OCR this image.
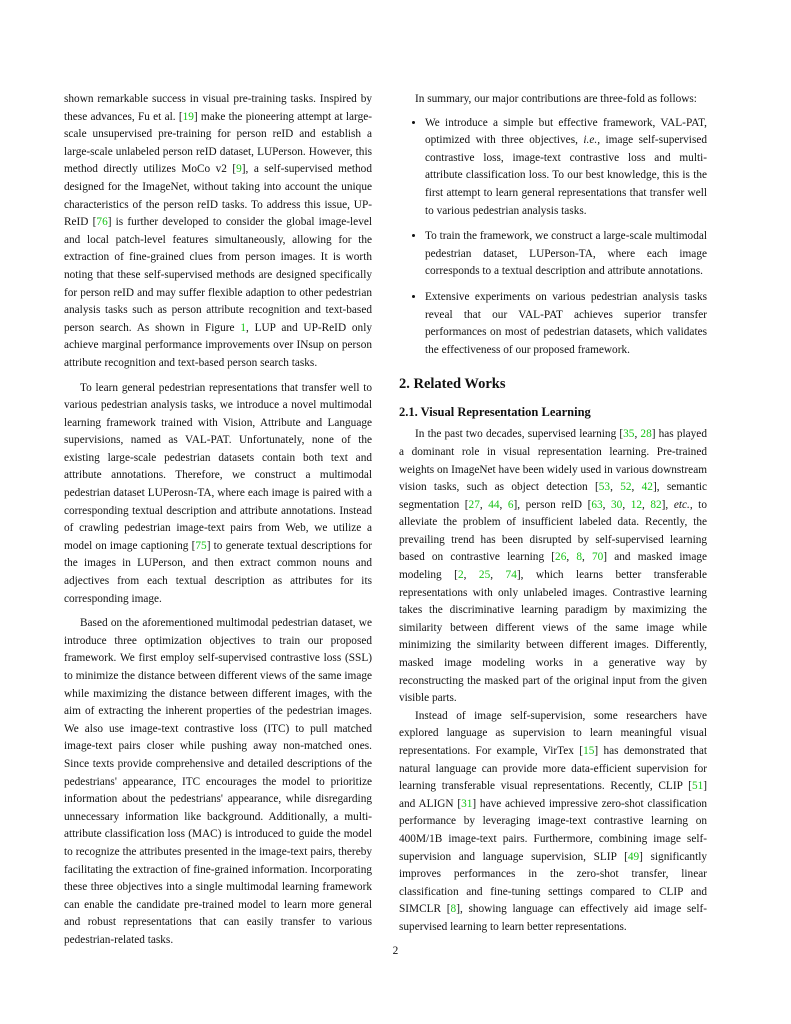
shown remarkable success in visual pre-training tasks. Inspired by these advances, Fu et al. [19] make the pioneering attempt at large-scale unsupervised pre-training for person reID and establish a large-scale unlabeled person reID dataset, LUPerson. However, this method directly utilizes MoCo v2 [9], a self-supervised method designed for the ImageNet, without taking into account the unique characteristics of the person reID tasks. To address this issue, UP-ReID [76] is further developed to consider the global image-level and local patch-level features simultaneously, allowing for the extraction of fine-grained clues from person images. It is worth noting that these self-supervised methods are designed specifically for person reID and may suffer flexible adaption to other pedestrian analysis tasks such as person attribute recognition and text-based person search. As shown in Figure 1, LUP and UP-ReID only achieve marginal performance improvements over INsup on person attribute recognition and text-based person search tasks.

To learn general pedestrian representations that transfer well to various pedestrian analysis tasks, we introduce a novel multimodal learning framework trained with Vision, Attribute and Language supervisions, named as VAL-PAT. Unfortunately, none of the existing large-scale pedestrian datasets contain both text and attribute annotations. Therefore, we construct a multimodal pedestrian dataset LUPerosn-TA, where each image is paired with a corresponding textual description and attribute annotations. Instead of crawling pedestrian image-text pairs from Web, we utilize a model on image captioning [75] to generate textual descriptions for the images in LUPerson, and then extract common nouns and adjectives from each textual description as attributes for its corresponding image.

Based on the aforementioned multimodal pedestrian dataset, we introduce three optimization objectives to train our proposed framework. We first employ self-supervised contrastive loss (SSL) to minimize the distance between different views of the same image while maximizing the distance between different images, with the aim of extracting the inherent properties of the pedestrian images. We also use image-text contrastive loss (ITC) to pull matched image-text pairs closer while pushing away non-matched ones. Since texts provide comprehensive and detailed descriptions of the pedestrians' appearance, ITC encourages the model to prioritize information about the pedestrians' appearance, while disregarding unnecessary information like background. Additionally, a multi-attribute classification loss (MAC) is introduced to guide the model to recognize the attributes presented in the image-text pairs, thereby facilitating the extraction of fine-grained information. Incorporating these three objectives into a single multimodal learning framework can enable the candidate pre-trained model to learn more general and robust representations that can easily transfer to various pedestrian-related tasks.

In summary, our major contributions are three-fold as follows:

• We introduce a simple but effective framework, VAL-PAT, optimized with three objectives, i.e., image self-supervised contrastive loss, image-text contrastive loss and multi-attribute classification loss. To our best knowledge, this is the first attempt to learn general representations that transfer well to various pedestrian analysis tasks.
• To train the framework, we construct a large-scale multimodal pedestrian dataset, LUPerson-TA, where each image corresponds to a textual description and attribute annotations.
• Extensive experiments on various pedestrian analysis tasks reveal that our VAL-PAT achieves superior transfer performances on most of pedestrian datasets, which validates the effectiveness of our proposed framework.
2. Related Works
2.1. Visual Representation Learning

In the past two decades, supervised learning [35, 28] has played a dominant role in visual representation learning. Pre-trained weights on ImageNet have been widely used in various downstream vision tasks, such as object detection [53, 52, 42], semantic segmentation [27, 44, 6], person reID [63, 30, 12, 82], etc., to alleviate the problem of insufficient labeled data. Recently, the prevailing trend has been disrupted by self-supervised learning based on contrastive learning [26, 8, 70] and masked image modeling [2, 25, 74], which learns better transferable representations with only unlabeled images. Contrastive learning takes the discriminative learning paradigm by maximizing the similarity between different views of the same image while minimizing the similarity between different images. Differently, masked image modeling works in a generative way by reconstructing the masked part of the original input from the given visible parts.

Instead of image self-supervision, some researchers have explored language as supervision to learn meaningful visual representations. For example, VirTex [15] has demonstrated that natural language can provide more data-efficient supervision for learning transferable visual representations. Recently, CLIP [51] and ALIGN [31] have achieved impressive zero-shot classification performance by leveraging image-text contrastive learning on 400M/1B image-text pairs. Furthermore, combining image self-supervision and language supervision, SLIP [49] significantly improves performances in the zero-shot transfer, linear classification and fine-tuning settings compared to CLIP and SIMCLR [8], showing language can effectively aid image self-supervised learning to learn better representations.

2
